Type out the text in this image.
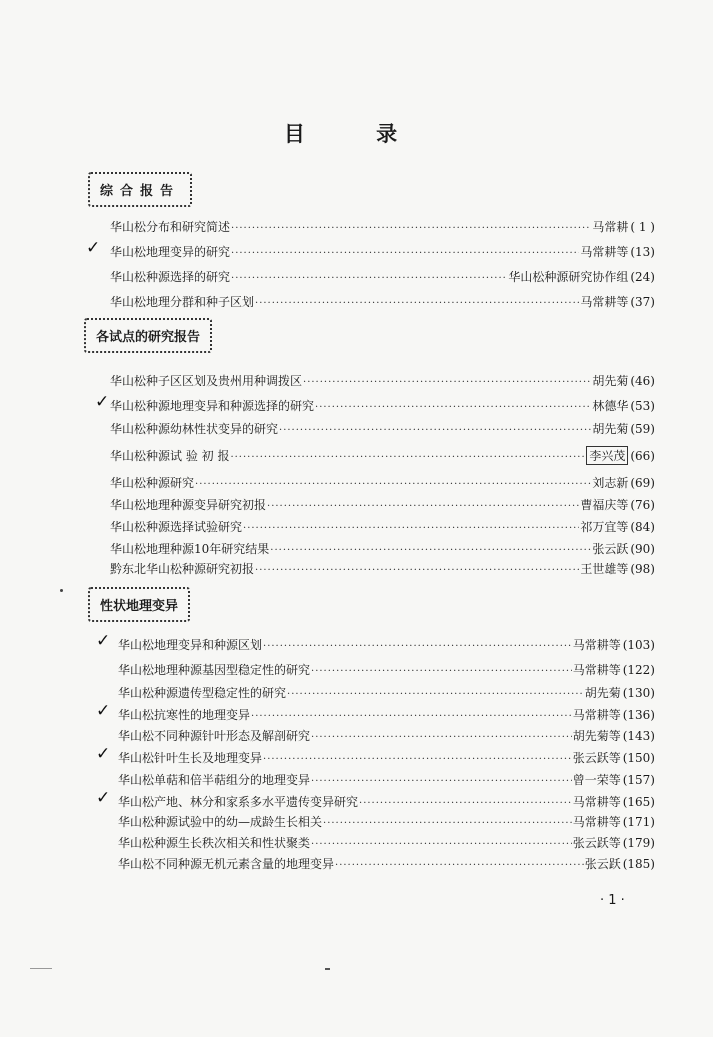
目 录
综合报告
华山松分布和研究简述 ·····	马常耕 ( 1 )
华山松地理变异的研究 ·····	马常耕等 (13)
✓
华山松种源选择的研究 ·····	华山松种源研究协作组 (24)
华山松地理分群和种子区划 ·····	马常耕等 (37)
各试点的研究报告
华山松种子区区划及贵州用种调拨区 ·····	胡先菊 (46)
华山松种源地理变异和种源选择的研究 ·····	林德华 (53)
✓
华山松种源幼林性状变异的研究 ·····	胡先菊 (59)
华山松种源试 验 初 报 ·····	李兴茂 (66)
华山松种源研究 ·····	刘志新 (69)
华山松地理种源变异研究初报 ·····	曹福庆等 (76)
华山松种源选择试验研究 ·····	祁万宜等 (84)
华山松地理种源10年研究结果 ·····	张云跃 (90)
黔东北华山松种源研究初报 ·····	王世雄等 (98)
性状地理变异
华山松地理变异和种源区划 ·····	马常耕等 (103)
✓
华山松地理种源基因型稳定性的研究 ·····	马常耕等 (122)
华山松种源遗传型稳定性的研究 ·····	胡先菊 (130)
华山松抗寒性的地理变异 ·····	马常耕等 (136)
✓
华山松不同种源针叶形态及解剖研究 ·····	胡先菊等 (143)
华山松针叶生长及地理变异 ·····	张云跃等 (150)
✓
华山松单萜和倍半萜组分的地理变异 ·····	曾一荣等 (157)
华山松产地、林分和家系多水平遗传变异研究 ·····	马常耕等 (165)
✓
华山松种源试验中的幼—成龄生长相关 ·····	马常耕等 (171)
华山松种源生长秩次相关和性状聚类 ·····	张云跃等 (179)
华山松不同种源无机元素含量的地理变异 ·····	张云跃 (185)
· 1 ·
